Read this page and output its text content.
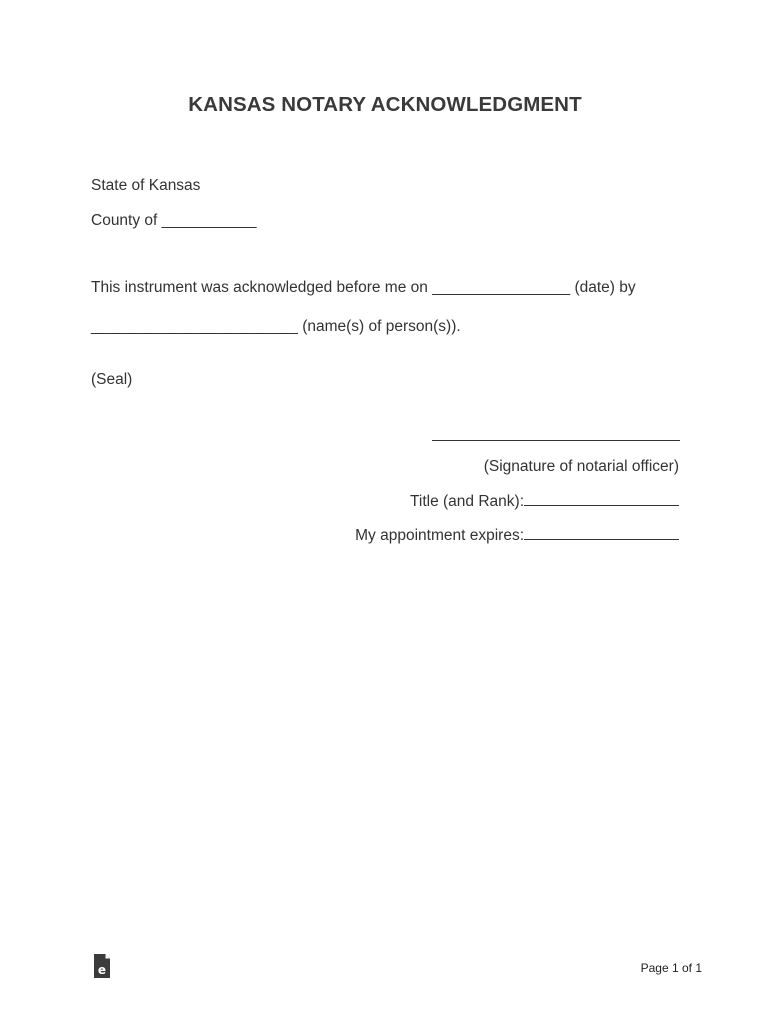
KANSAS NOTARY ACKNOWLEDGMENT
State of Kansas
County of ___________
This instrument was acknowledged before me on ________________ (date) by
________________________ (name(s) of person(s)).
(Seal)
(Signature of notarial officer)
Title (and Rank):
My appointment expires:
e	Page 1 of 1
